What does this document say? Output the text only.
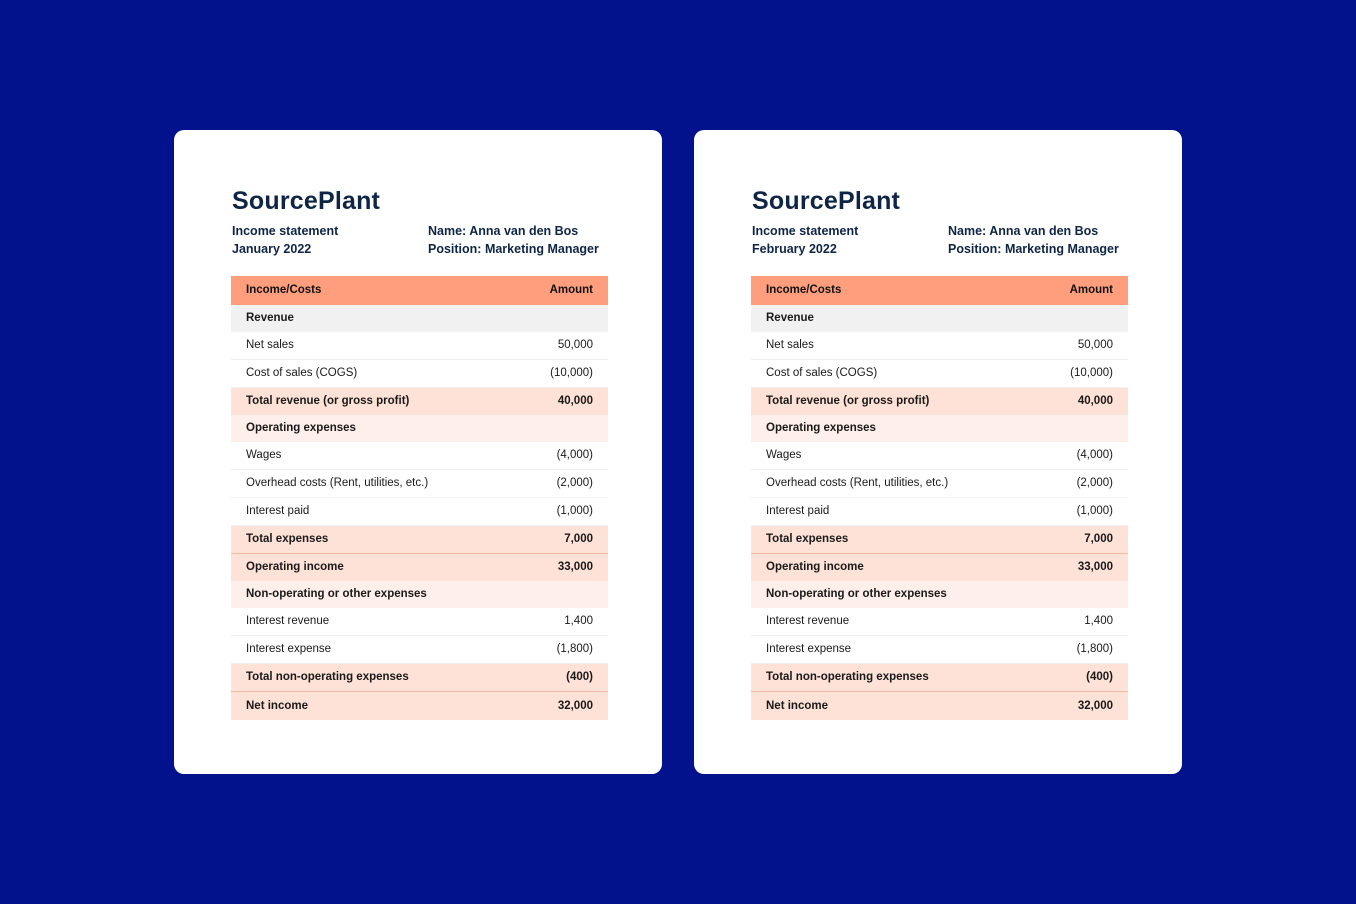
SourcePlant
Income statement
January 2022
Name: Anna van den Bos
Position: Marketing Manager
Income/Costs	Amount
Revenue	
Net sales	50,000
Cost of sales (COGS)	(10,000)
Total revenue (or gross profit)	40,000
Operating expenses	
Wages	(4,000)
Overhead costs (Rent, utilities, etc.)	(2,000)
Interest paid	(1,000)
Total expenses	7,000
Operating income	33,000
Non-operating or other expenses	
Interest revenue	1,400
Interest expense	(1,800)
Total non-operating expenses	(400)
Net income	32,000
SourcePlant
Income statement
February 2022
Name: Anna van den Bos
Position: Marketing Manager
Income/Costs	Amount
Revenue	
Net sales	50,000
Cost of sales (COGS)	(10,000)
Total revenue (or gross profit)	40,000
Operating expenses	
Wages	(4,000)
Overhead costs (Rent, utilities, etc.)	(2,000)
Interest paid	(1,000)
Total expenses	7,000
Operating income	33,000
Non-operating or other expenses	
Interest revenue	1,400
Interest expense	(1,800)
Total non-operating expenses	(400)
Net income	32,000
